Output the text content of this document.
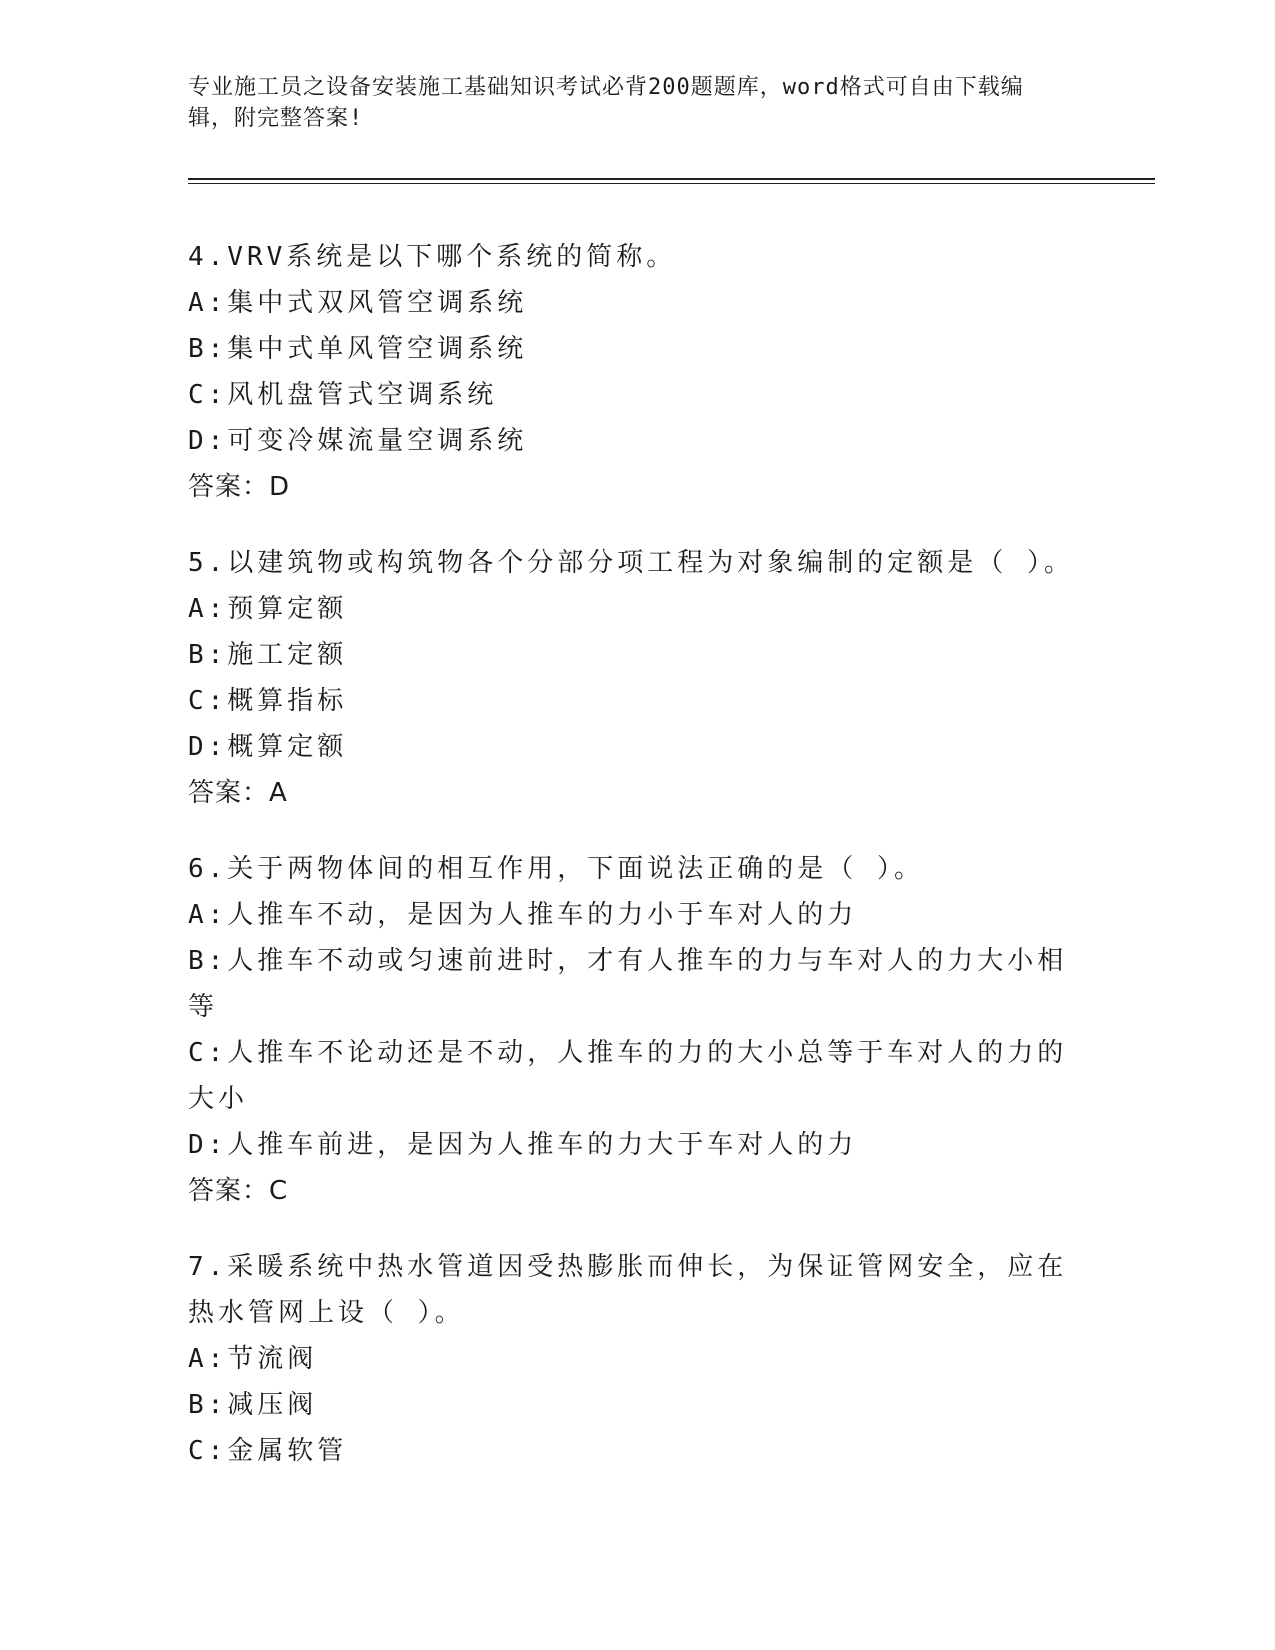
专业施工员之设备安装施工基础知识考试必背200题题库，word格式可自由下载编辑，附完整答案!
4.VRV系统是以下哪个系统的简称。
A:集中式双风管空调系统
B:集中式单风管空调系统
C:风机盘管式空调系统
D:可变冷媒流量空调系统
答案：D
5.以建筑物或构筑物各个分部分项工程为对象编制的定额是（ ）。
A:预算定额
B:施工定额
C:概算指标
D:概算定额
答案：A
6.关于两物体间的相互作用，下面说法正确的是（ ）。
A:人推车不动，是因为人推车的力小于车对人的力
B:人推车不动或匀速前进时，才有人推车的力与车对人的力大小相等
C:人推车不论动还是不动，人推车的力的大小总等于车对人的力的大小
D:人推车前进，是因为人推车的力大于车对人的力
答案：C
7.采暖系统中热水管道因受热膨胀而伸长，为保证管网安全，应在热水管网上设（ ）。
A:节流阀
B:减压阀
C:金属软管
